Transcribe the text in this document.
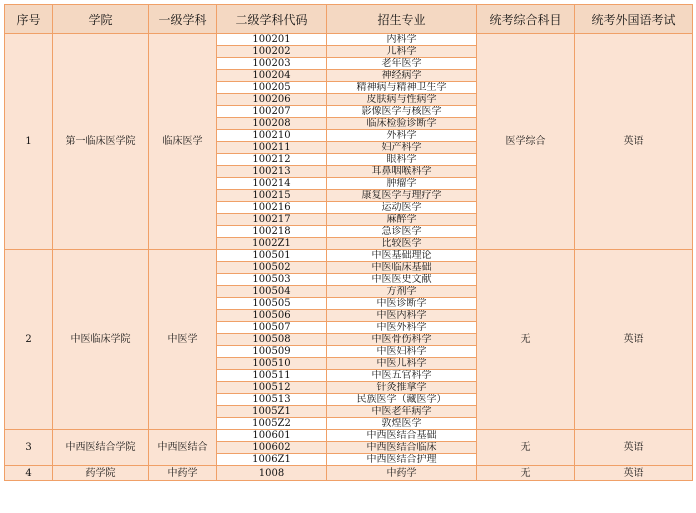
序号	学院	一级学科	二级学科代码	招生专业	统考综合科目	统考外国语考试
1	第一临床医学院	临床医学	100201	内科学	医学综合	英语
			100202	儿科学		
			100203	老年医学		
			100204	神经病学		
			100205	精神病与精神卫生学		
			100206	皮肤病与性病学		
			100207	影像医学与核医学		
			100208	临床检验诊断学		
			100210	外科学		
			100211	妇产科学		
			100212	眼科学		
			100213	耳鼻咽喉科学		
			100214	肿瘤学		
			100215	康复医学与理疗学		
			100216	运动医学		
			100217	麻醉学		
			100218	急诊医学		
			1002Z1	比较医学		
2	中医临床学院	中医学	100501	中医基础理论	无	英语
			100502	中医临床基础		
			100503	中医医史文献		
			100504	方剂学		
			100505	中医诊断学		
			100506	中医内科学		
			100507	中医外科学		
			100508	中医骨伤科学		
			100509	中医妇科学		
			100510	中医儿科学		
			100511	中医五官科学		
			100512	针灸推拿学		
			100513	民族医学（藏医学）		
			1005Z1	中医老年病学		
			1005Z2	敦煌医学		
3	中西医结合学院	中西医结合	100601	中西医结合基础	无	英语
			100602	中西医结合临床		
			1006Z1	中西医结合护理		
4	药学院	中药学	1008	中药学	无	英语
